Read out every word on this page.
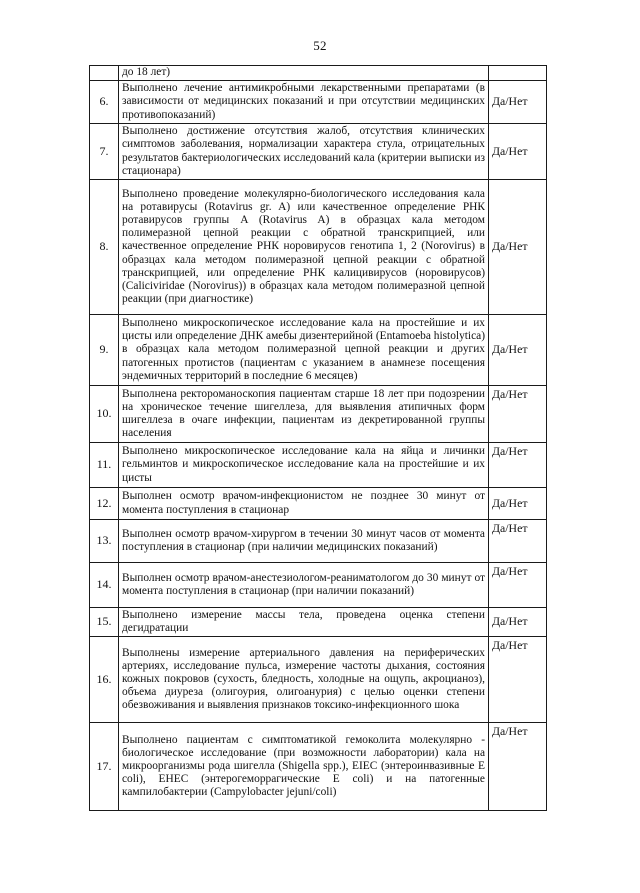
52
	до 18 лет)	
6.	Выполнено лечение антимикробными лекарственными препаратами (в зависимости от медицинских показаний и при отсутствии медицинских противопоказаний)	Да/Нет
7.	Выполнено достижение отсутствия жалоб, отсутствия клинических симптомов заболевания, нормализации характера стула, отрицательных результатов бактериологических исследований кала (критерии выписки из стационара)	Да/Нет
8.	Выполнено проведение молекулярно-биологического исследования кала на ротавирусы (Rotavirus gr. A) или качественное определение РНК ротавирусов группы A (Rotavirus A) в образцах кала методом полимеразной цепной реакции с обратной транскрипцией, или качественное определение РНК норовирусов генотипа 1, 2 (Norovirus) в образцах кала методом полимеразной цепной реакции с обратной транскрипцией, или определение РНК калицивирусов (норовирусов) (Caliciviridae (Norovirus)) в образцах кала методом полимеразной цепной реакции (при диагностике)	Да/Нет
9.	Выполнено микроскопическое исследование кала на простейшие и их цисты или определение ДНК амебы дизентерийной (Entamoeba histolytica) в образцах кала методом полимеразной цепной реакции и других патогенных протистов (пациентам с указанием в анамнезе посещения эндемичных территорий в последние 6 месяцев)	Да/Нет
10.	Выполнена ректороманоскопия пациентам старше 18 лет при подозрении на хроническое течение шигеллеза, для выявления атипичных форм шигеллеза в очаге инфекции, пациентам из декретированной группы населения	Да/Нет
11.	Выполнено микроскопическое исследование кала на яйца и личинки гельминтов и микроскопическое исследование кала на простейшие и их цисты	Да/Нет
12.	Выполнен осмотр врачом-инфекционистом не позднее 30 минут от момента поступления в стационар	Да/Нет
13.	Выполнен осмотр врачом-хирургом в течении 30 минут часов от момента поступления в стационар (при наличии медицинских показаний)	Да/Нет
14.	Выполнен осмотр врачом-анестезиологом-реаниматологом до 30 минут от момента поступления в стационар (при наличии показаний)	Да/Нет
15.	Выполнено измерение массы тела, проведена оценка степени дегидратации	Да/Нет
16.	Выполнены измерение артериального давления на периферических артериях, исследование пульса, измерение частоты дыхания, состояния кожных покровов (сухость, бледность, холодные на ощупь, акроцианоз), объема диуреза (олигоурия, олигоанурия) с целью оценки степени обезвоживания и выявления признаков токсико-инфекционного шока	Да/Нет
17.	Выполнено пациентам с симптоматикой гемоколита молекулярно - биологическое исследование (при возможности лаборатории) кала на микроорганизмы рода шигелла (Shigella spp.), EIEC (энтероинвазивные E coli), EHEC (энтерогеморрагические E coli) и на патогенные кампилобактерии (Campylobacter jejuni/coli)	Да/Нет
